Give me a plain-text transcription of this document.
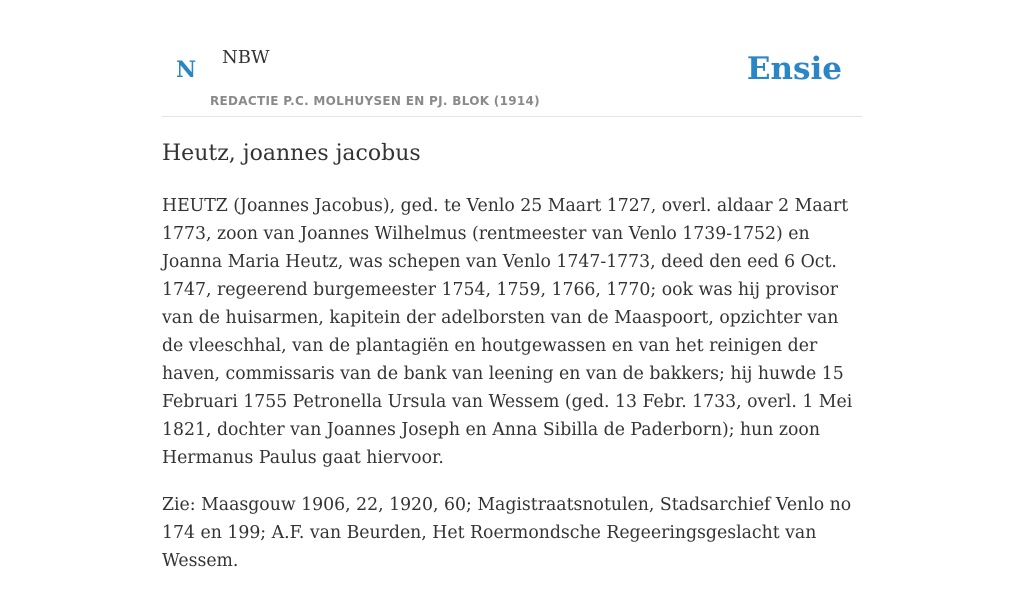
N NBW
REDACTIE P.C. MOLHUYSEN EN PJ. BLOK (1914)
Ensie
Heutz, joannes jacobus

HEUTZ (Joannes Jacobus), ged. te Venlo 25 Maart 1727, overl. aldaar 2 Maart 1773, zoon van Joannes Wilhelmus (rentmeester van Venlo 1739-1752) en Joanna Maria Heutz, was schepen van Venlo 1747-1773, deed den eed 6 Oct. 1747, regeerend burgemeester 1754, 1759, 1766, 1770; ook was hij provisor van de huisarmen, kapitein der adelborsten van de Maaspoort, opzichter van de vleeschhal, van de plantagiën en houtgewassen en van het reinigen der haven, commissaris van de bank van leening en van de bakkers; hij huwde 15 Februari 1755 Petronella Ursula van Wessem (ged. 13 Febr. 1733, overl. 1 Mei 1821, dochter van Joannes Joseph en Anna Sibilla de Paderborn); hun zoon Hermanus Paulus gaat hiervoor.

Zie: Maasgouw 1906, 22, 1920, 60; Magistraatsnotulen, Stadsarchief Venlo no 174 en 199; A.F. van Beurden, Het Roermondsche Regeeringsgeslacht van Wessem.
